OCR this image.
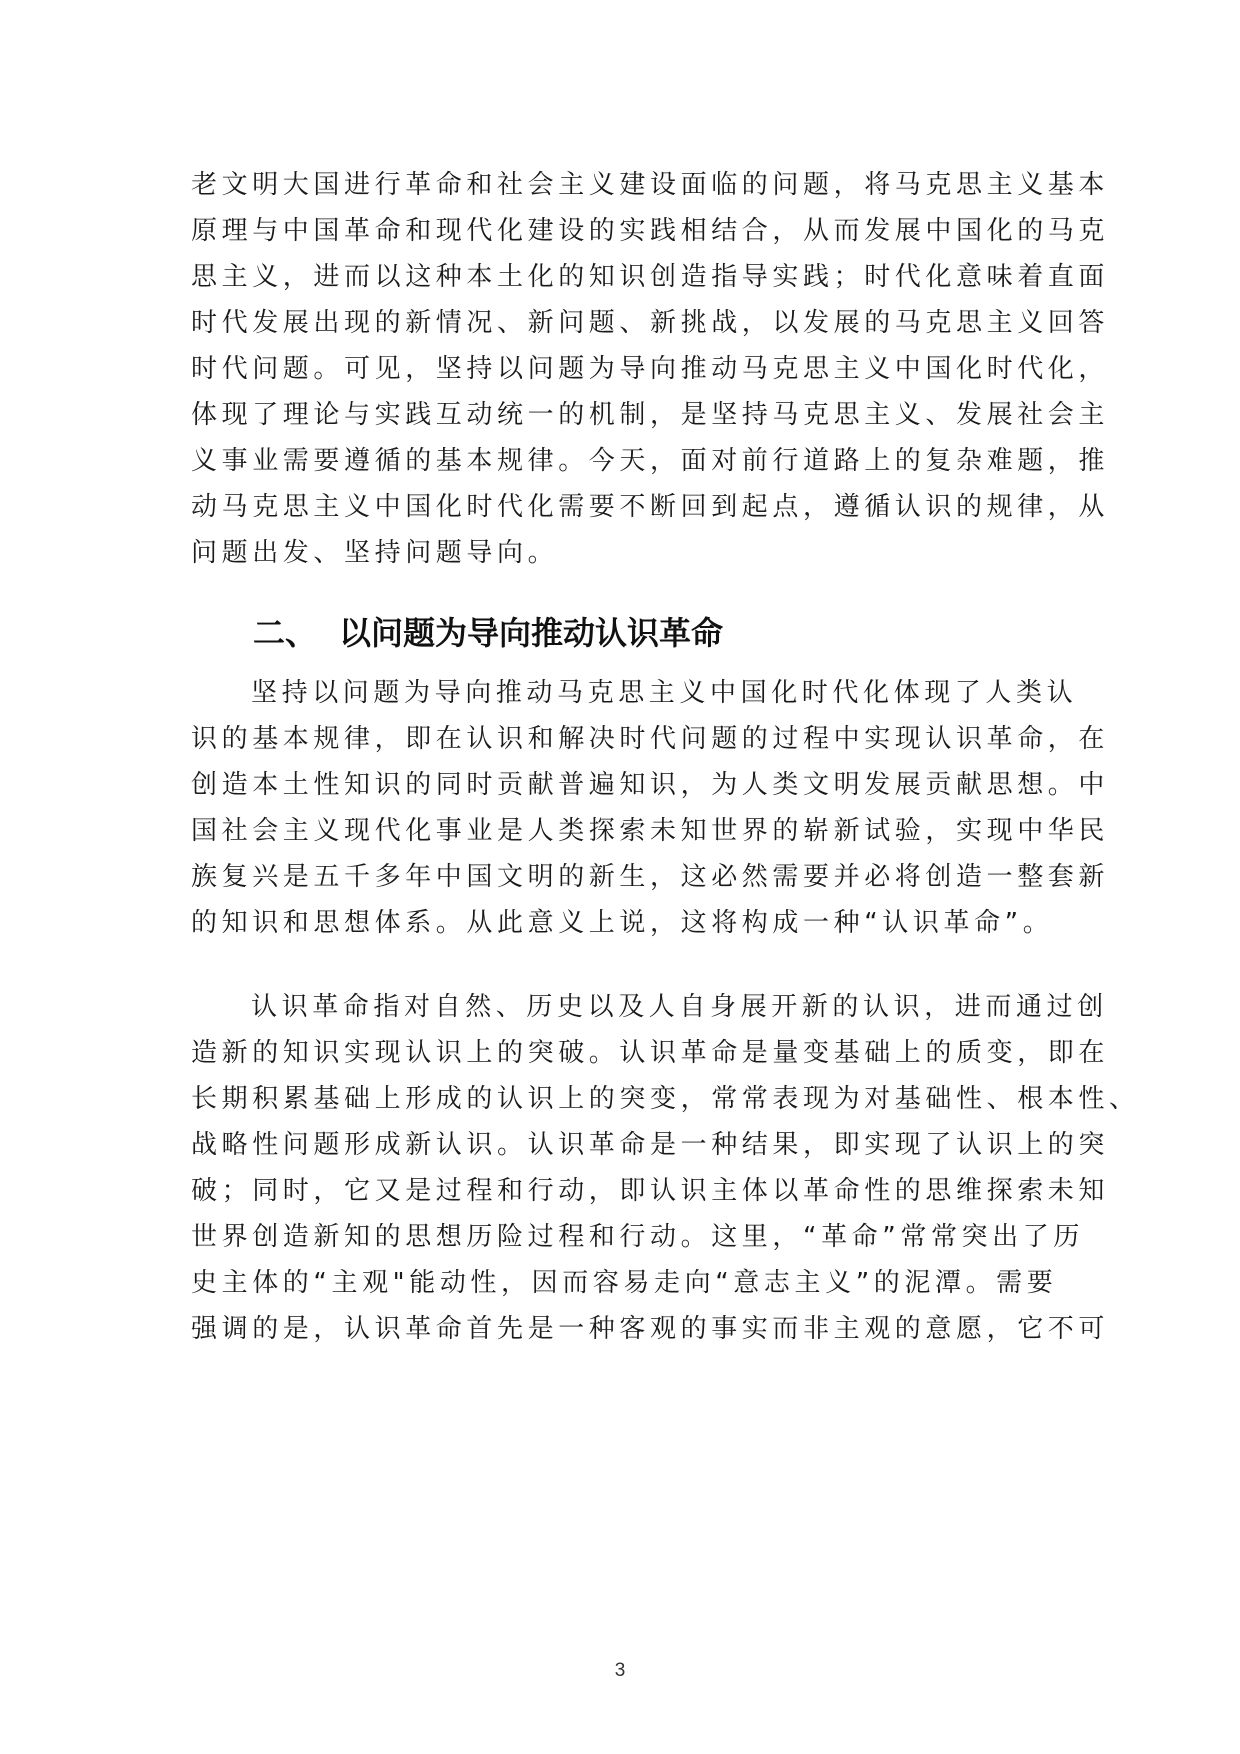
老文明大国进行革命和社会主义建设面临的问题，将马克思主义基本
原理与中国革命和现代化建设的实践相结合，从而发展中国化的马克
思主义，进而以这种本土化的知识创造指导实践；时代化意味着直面
时代发展出现的新情况、新问题、新挑战，以发展的马克思主义回答
时代问题。可见，坚持以问题为导向推动马克思主义中国化时代化，
体现了理论与实践互动统一的机制，是坚持马克思主义、发展社会主
义事业需要遵循的基本规律。今天，面对前行道路上的复杂难题，推
动马克思主义中国化时代化需要不断回到起点，遵循认识的规律，从
问题出发、坚持问题导向。
二、 以问题为导向推动认识革命
坚持以问题为导向推动马克思主义中国化时代化体现了人类认
识的基本规律，即在认识和解决时代问题的过程中实现认识革命，在
创造本土性知识的同时贡献普遍知识，为人类文明发展贡献思想。中
国社会主义现代化事业是人类探索未知世界的崭新试验，实现中华民
族复兴是五千多年中国文明的新生，这必然需要并必将创造一整套新
的知识和思想体系。从此意义上说，这将构成一种“认识革命”。
认识革命指对自然、历史以及人自身展开新的认识，进而通过创
造新的知识实现认识上的突破。认识革命是量变基础上的质变，即在
长期积累基础上形成的认识上的突变，常常表现为对基础性、根本性、
战略性问题形成新认识。认识革命是一种结果，即实现了认识上的突
破；同时，它又是过程和行动，即认识主体以革命性的思维探索未知
世界创造新知的思想历险过程和行动。这里，“革命”常常突出了历
史主体的“主观"能动性，因而容易走向“意志主义”的泥潭。需要
强调的是，认识革命首先是一种客观的事实而非主观的意愿，它不可
3
